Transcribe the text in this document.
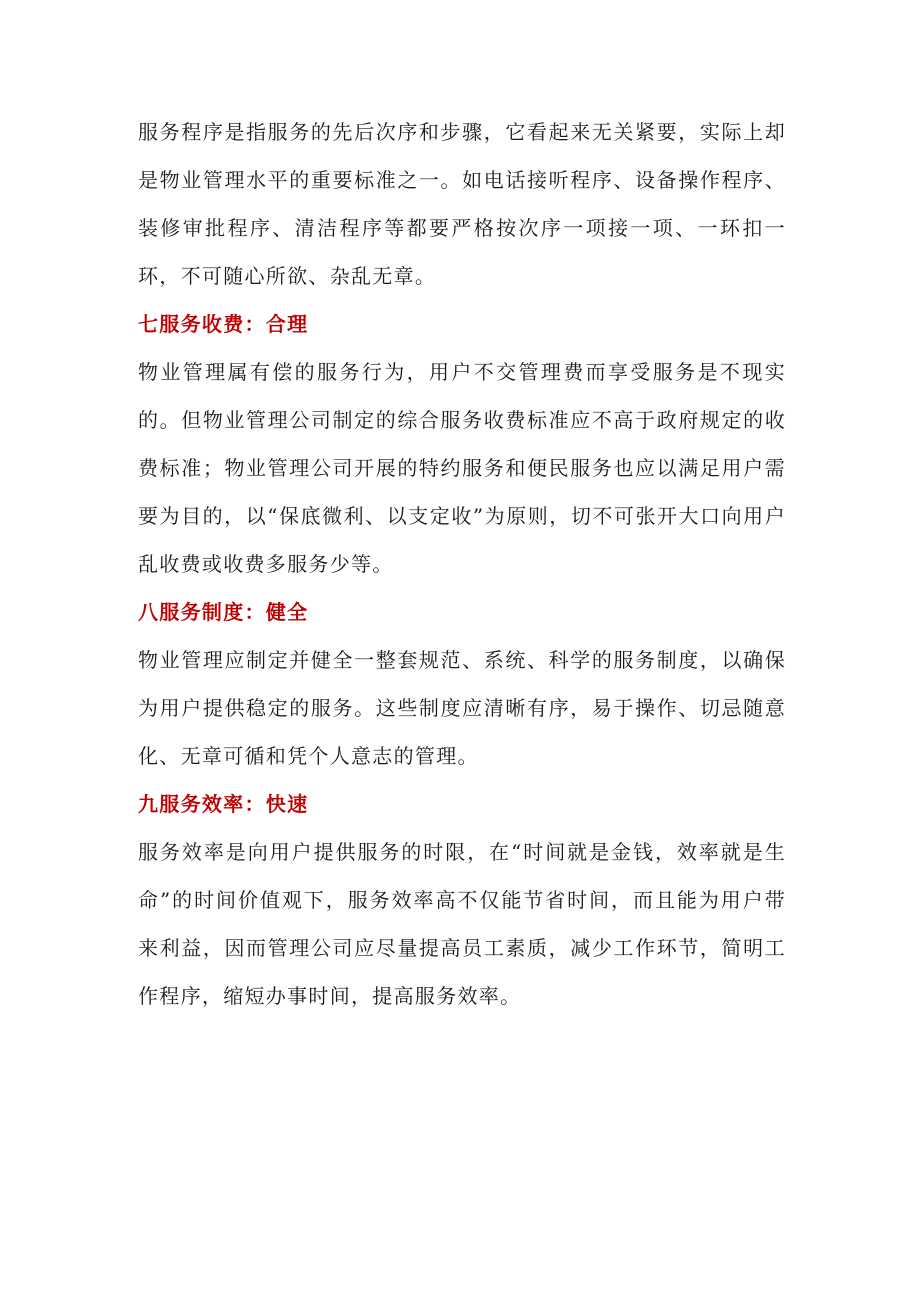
服务程序是指服务的先后次序和步骤，它看起来无关紧要，实际上却是物业管理水平的重要标准之一。如电话接听程序、设备操作程序、装修审批程序、清洁程序等都要严格按次序一项接一项、一环扣一环，不可随心所欲、杂乱无章。

七服务收费：合理

物业管理属有偿的服务行为，用户不交管理费而享受服务是不现实的。但物业管理公司制定的综合服务收费标准应不高于政府规定的收费标准；物业管理公司开展的特约服务和便民服务也应以满足用户需要为目的，以“保底微利、以支定收”为原则，切不可张开大口向用户乱收费或收费多服务少等。

八服务制度：健全

物业管理应制定并健全一整套规范、系统、科学的服务制度，以确保为用户提供稳定的服务。这些制度应清晰有序，易于操作、切忌随意化、无章可循和凭个人意志的管理。

九服务效率：快速

服务效率是向用户提供服务的时限，在“时间就是金钱，效率就是生命”的时间价值观下，服务效率高不仅能节省时间，而且能为用户带来利益，因而管理公司应尽量提高员工素质，减少工作环节，简明工作程序，缩短办事时间，提高服务效率。
